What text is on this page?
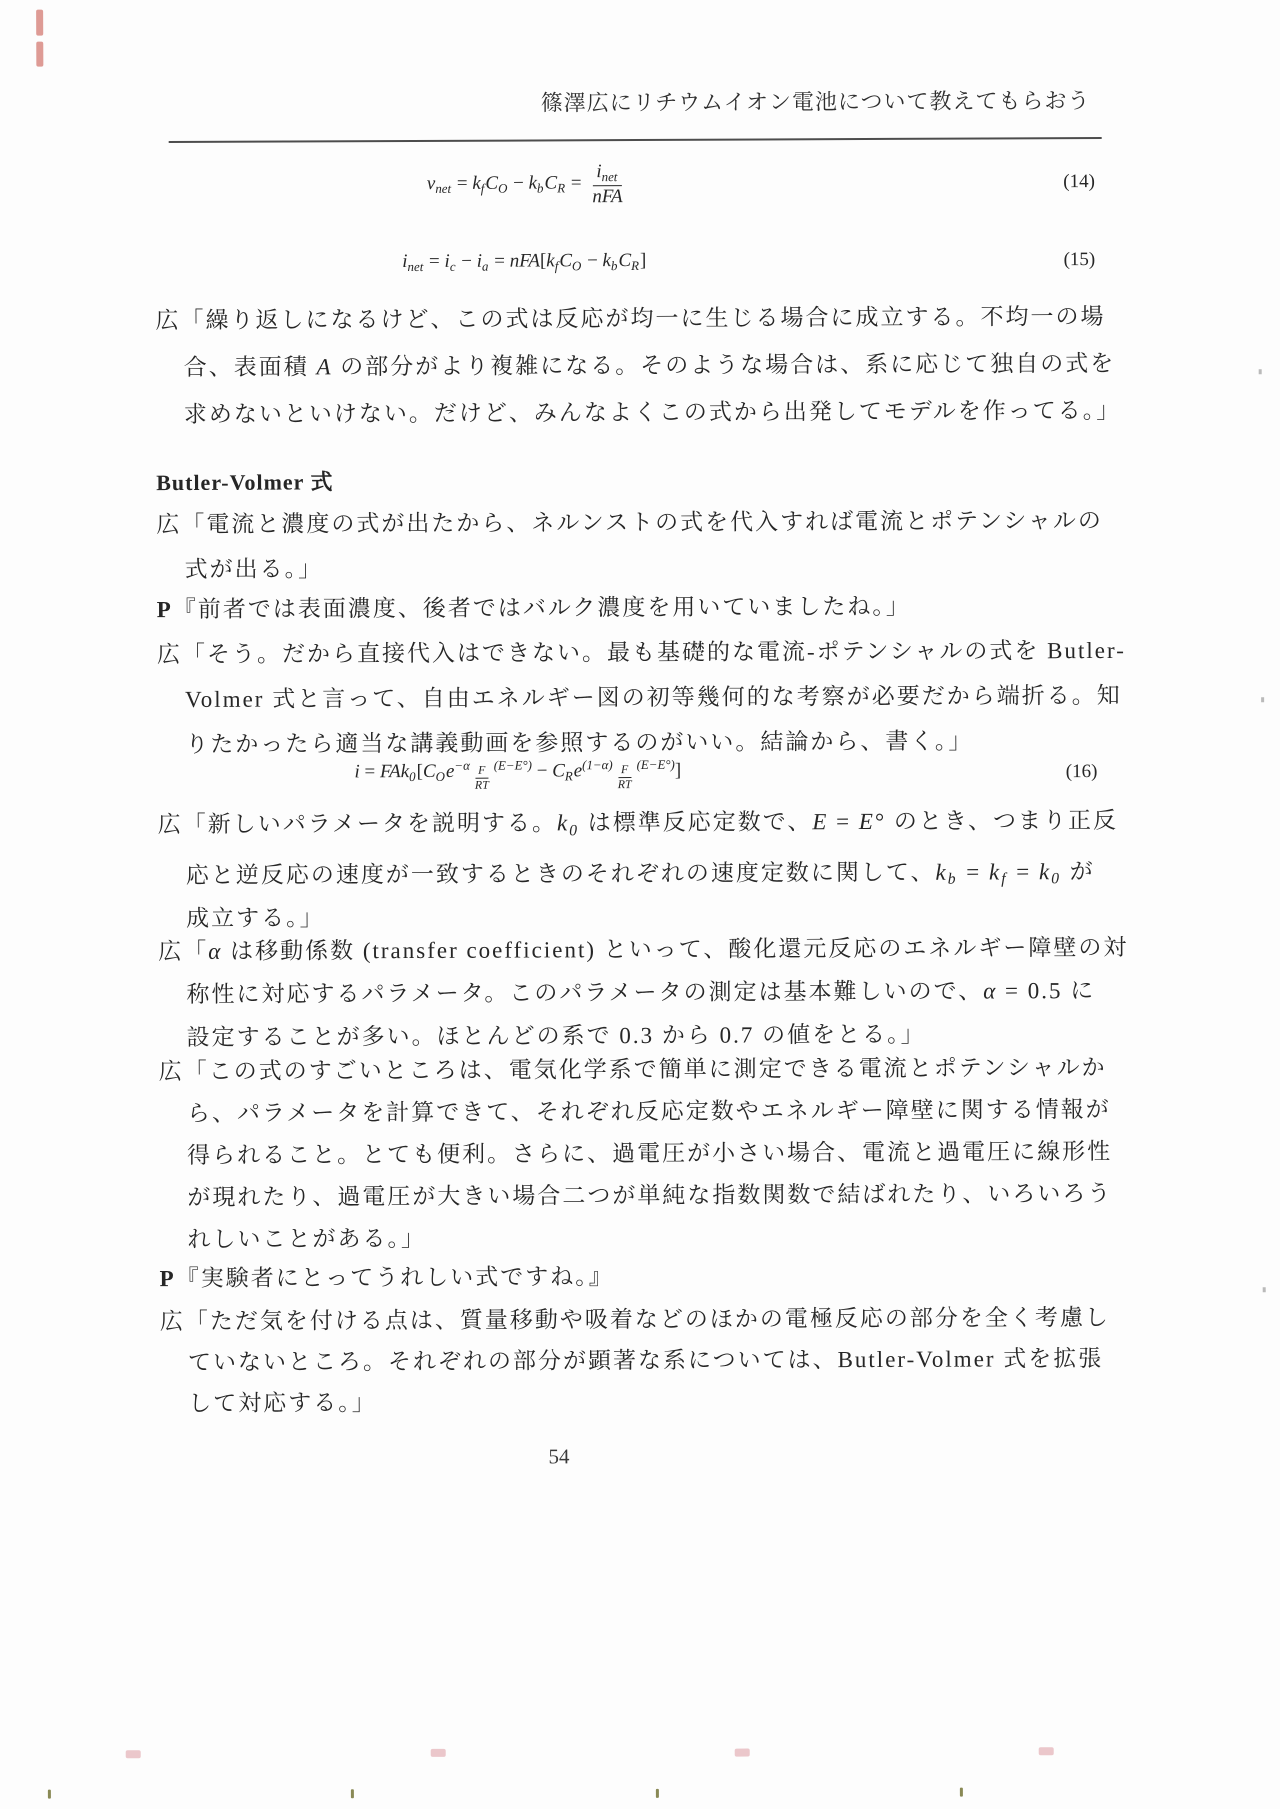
篠澤広にリチウムイオン電池について教えてもらおう
$v_{net} = k_fC_O - k_bC_R = \frac{i_{net}}{\text{nFA}}$	(14)
$i_{net} = i_c - i_a = nFA[k_fC_O - k_bC_R]$	(15)
広「繰り返しになるけど、この式は反応が均一に生じる場合に成立する。不均一の場
合、表面積 A の部分がより複雑になる。そのような場合は、系に応じて独自の式を
求めないといけない。だけど、みんなよくこの式から出発してモデルを作ってる。」
Butler-Volmer 式
広「電流と濃度の式が出たから、ネルンストの式を代入すれば電流とポテンシャルの
式が出る。」
P『前者では表面濃度、後者ではバルク濃度を用いていましたね。」
広「そう。だから直接代入はできない。最も基礎的な電流-ポテンシャルの式を Butler-
Volmer 式と言って、自由エネルギー図の初等幾何的な考察が必要だから端折る。知
りたかったら適当な講義動画を参照するのがいい。結論から、書く。」
$i = FAk_0[C_Oe^{-\alpha \frac{F}{RT} (E-E^\circ)} - C_Re^{(1-\alpha) \frac{F}{RT} (E-E^\circ)}]$	(16)
広「新しいパラメータを説明する。$k_0$ は標準反応定数で、E = E° のとき、つまり正反
応と逆反応の速度が一致するときのそれぞれの速度定数に関して、$k_b = k_f = k_0$ が
成立する。」
広「α は移動係数 (transfer coefficient) といって、酸化還元反応のエネルギー障壁の対
称性に対応するパラメータ。このパラメータの測定は基本難しいので、α = 0.5 に
設定することが多い。ほとんどの系で 0.3 から 0.7 の値をとる。」
広「この式のすごいところは、電気化学系で簡単に測定できる電流とポテンシャルか
ら、パラメータを計算できて、それぞれ反応定数やエネルギー障壁に関する情報が
得られること。とても便利。さらに、過電圧が小さい場合、電流と過電圧に線形性
が現れたり、過電圧が大きい場合二つが単純な指数関数で結ばれたり、いろいろう
れしいことがある。」
P『実験者にとってうれしい式ですね。』
広「ただ気を付ける点は、質量移動や吸着などのほかの電極反応の部分を全く考慮し
ていないところ。それぞれの部分が顕著な系については、Butler-Volmer 式を拡張
して対応する。」
54
